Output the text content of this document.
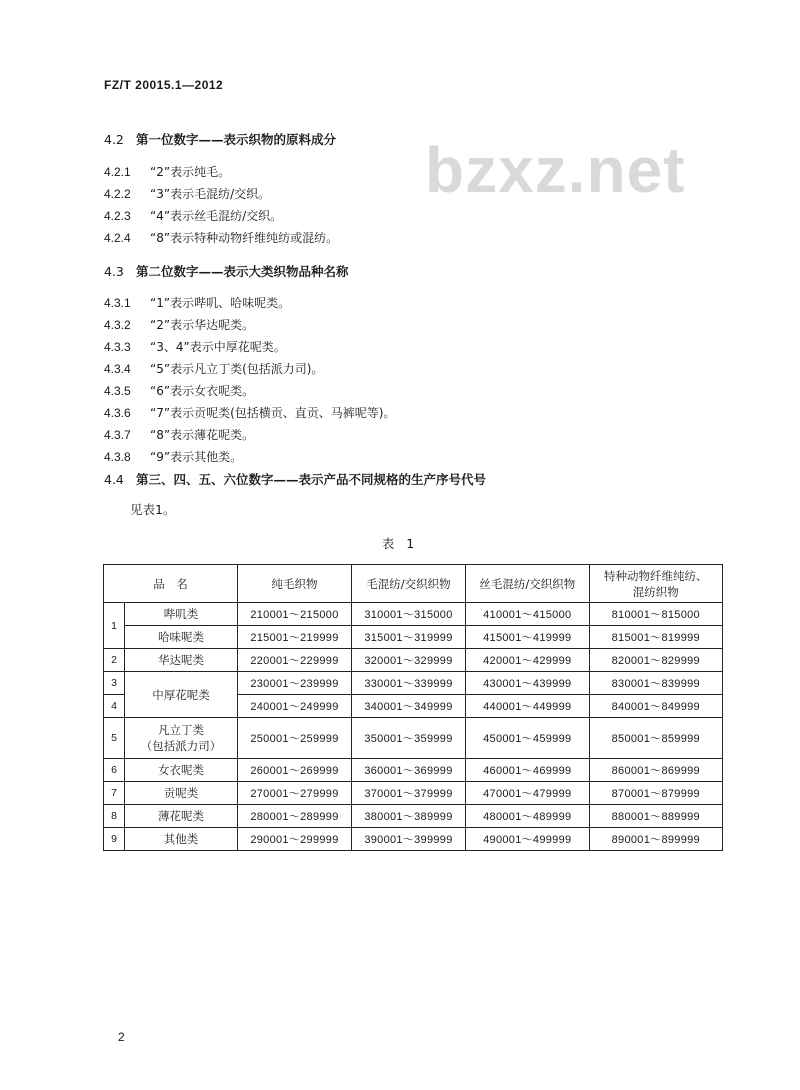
FZ/T 20015.1—2012
bzxz.net
4.2 第一位数字——表示织物的原料成分
4.2.1 “2”表示纯毛。
4.2.2 “3”表示毛混纺/交织。
4.2.3 “4”表示丝毛混纺/交织。
4.2.4 “8”表示特种动物纤维纯纺或混纺。
4.3 第二位数字——表示大类织物品种名称
4.3.1 “1”表示哔叽、哈味呢类。
4.3.2 “2”表示华达呢类。
4.3.3 “3、4”表示中厚花呢类。
4.3.4 “5”表示凡立丁类(包括派力司)。
4.3.5 “6”表示女衣呢类。
4.3.6 “7”表示贡呢类(包括横贡、直贡、马裤呢等)。
4.3.7 “8”表示薄花呢类。
4.3.8 “9”表示其他类。
4.4 第三、四、五、六位数字——表示产品不同规格的生产序号代号
见表1。
表 1
品　名		纯毛织物	毛混纺/交织织物	丝毛混纺/交织织物	特种动物纤维纯纺、
混纺织物
1	哔叽类	210001～215000	310001～315000	410001～415000	810001～815000
	哈味呢类	215001～219999	315001～319999	415001～419999	815001～819999
2	华达呢类	220001～229999	320001～329999	420001～429999	820001～829999
3	中厚花呢类	230001～239999	330001～339999	430001～439999	830001～839999
4		240001～249999	340001～349999	440001～449999	840001～849999
5	凡立丁类
（包括派力司）	250001～259999	350001～359999	450001～459999	850001～859999
6	女衣呢类	260001～269999	360001～369999	460001～469999	860001～869999
7	贡呢类	270001～279999	370001～379999	470001～479999	870001～879999
8	薄花呢类	280001～289999	380001～389999	480001～489999	880001～889999
9	其他类	290001～299999	390001～399999	490001～499999	890001～899999
2
